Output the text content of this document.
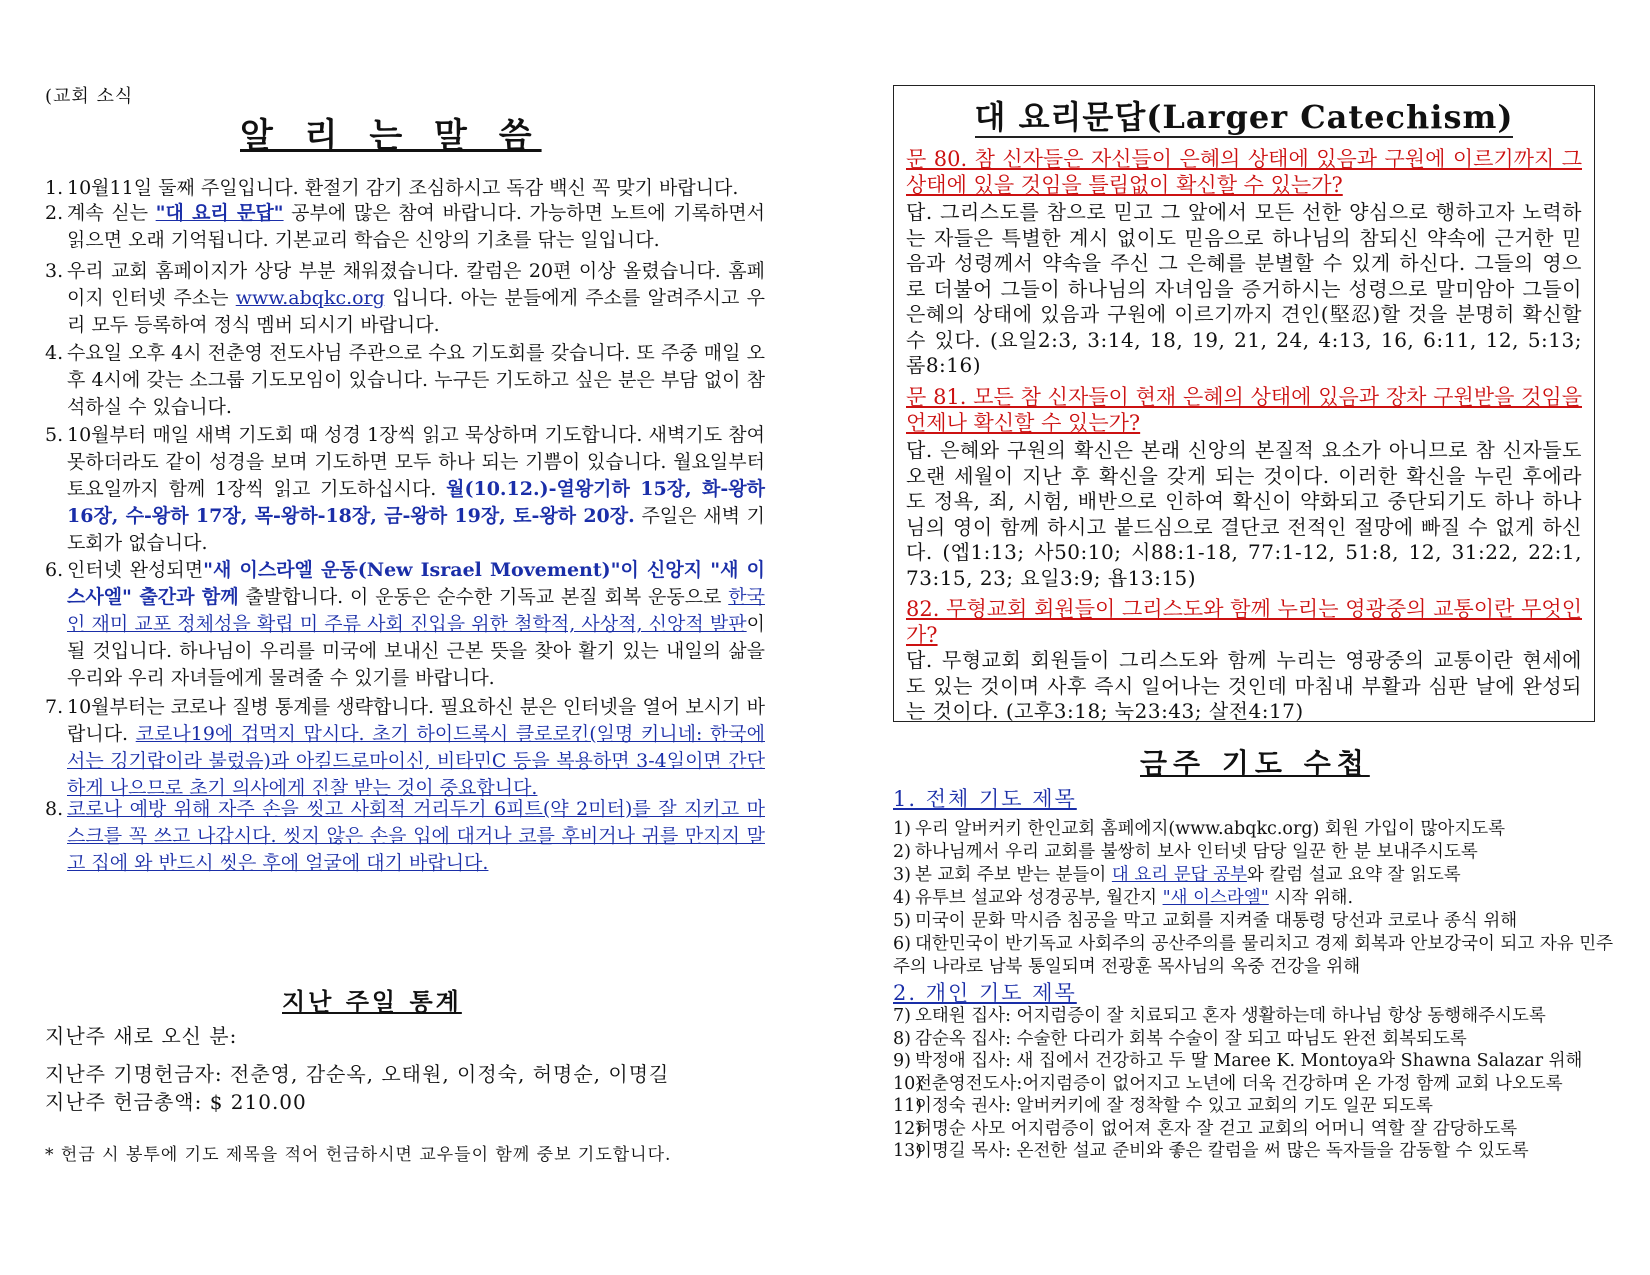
(교회 소식
알 리 는 말 씀
1. 10월11일 둘째 주일입니다. 환절기 감기 조심하시고 독감 백신 꼭 맞기 바랍니다.
2. 계속 싣는 "대 요리 문답" 공부에 많은 참여 바랍니다. 가능하면 노트에 기록하면서 읽으면 오래 기억됩니다. 기본교리 학습은 신앙의 기초를 닦는 일입니다.
3. 우리 교회 홈페이지가 상당 부분 채워졌습니다. 칼럼은 20편 이상 올렸습니다. 홈페이지 인터넷 주소는 www.abqkc.org 입니다. 아는 분들에게 주소를 알려주시고 우리 모두 등록하여 정식 멤버 되시기 바랍니다.
4. 수요일 오후 4시 전춘영 전도사님 주관으로 수요 기도회를 갖습니다. 또 주중 매일 오후 4시에 갖는 소그룹 기도모임이 있습니다. 누구든 기도하고 싶은 분은 부담 없이 참석하실 수 있습니다.
5. 10월부터 매일 새벽 기도회 때 성경 1장씩 읽고 묵상하며 기도합니다. 새벽기도 참여 못하더라도 같이 성경을 보며 기도하면 모두 하나 되는 기쁨이 있습니다. 월요일부터 토요일까지 함께 1장씩 읽고 기도하십시다. 월(10.12.)-열왕기하 15장, 화-왕하 16장, 수-왕하 17장, 목-왕하-18장, 금-왕하 19장, 토-왕하 20장. 주일은 새벽 기도회가 없습니다.
6. 인터넷 완성되면"새 이스라엘 운동(New Israel Movement)"이 신앙지 "새 이스사엘" 출간과 함께 출발합니다. 이 운동은 순수한 기독교 본질 회복 운동으로 한국인 재미 교포 정체성을 확립 미 주류 사회 진입을 위한 철학적, 사상적, 신앙적 발판이 될 것입니다. 하나님이 우리를 미국에 보내신 근본 뜻을 찾아 활기 있는 내일의 삶을 우리와 우리 자녀들에게 물려줄 수 있기를 바랍니다.
7. 10월부터는 코로나 질병 통계를 생략합니다. 필요하신 분은 인터넷을 열어 보시기 바랍니다. 코로나19에 겁먹지 맙시다. 초기 하이드록시 클로로킨(일명 키니네: 한국에서는 깅기랍이라 불렀음)과 아킬드로마이신, 비타민C 등을 복용하면 3-4일이면 간단하게 나으므로 초기 의사에게 진찰 받는 것이 중요합니다.
8. 코로나 예방 위해 자주 손을 씻고 사회적 거리두기 6피트(약 2미터)를 잘 지키고 마스크를 꼭 쓰고 나갑시다. 씻지 않은 손을 입에 대거나 코를 후비거나 귀를 만지지 말고 집에 와 반드시 씻은 후에 얼굴에 대기 바랍니다.
지난 주일 통계
지난주 새로 오신 분:
지난주 기명헌금자: 전춘영, 감순옥, 오태원, 이정숙, 허명순, 이명길
지난주 헌금총액: $ 210.00
* 헌금 시 봉투에 기도 제목을 적어 헌금하시면 교우들이 함께 중보 기도합니다.
대 요리문답(Larger Catechism)
문 80. 참 신자들은 자신들이 은혜의 상태에 있음과 구원에 이르기까지 그 상태에 있을 것임을 틀림없이 확신할 수 있는가?
답. 그리스도를 참으로 믿고 그 앞에서 모든 선한 양심으로 행하고자 노력하는 자들은 특별한 계시 없이도 믿음으로 하나님의 참되신 약속에 근거한 믿음과 성령께서 약속을 주신 그 은혜를 분별할 수 있게 하신다. 그들의 영으로 더불어 그들이 하나님의 자녀임을 증거하시는 성령으로 말미암아 그들이 은혜의 상태에 있음과 구원에 이르기까지 견인(堅忍)할 것을 분명히 확신할 수 있다. (요일2:3, 3:14, 18, 19, 21, 24, 4:13, 16, 6:11, 12, 5:13; 롬8:16)
문 81. 모든 참 신자들이 현재 은혜의 상태에 있음과 장차 구원받을 것임을 언제나 확신할 수 있는가?
답. 은혜와 구원의 확신은 본래 신앙의 본질적 요소가 아니므로 참 신자들도 오랜 세월이 지난 후 확신을 갖게 되는 것이다. 이러한 확신을 누린 후에라도 정욕, 죄, 시험, 배반으로 인하여 확신이 약화되고 중단되기도 하나 하나님의 영이 함께 하시고 붙드심으로 결단코 전적인 절망에 빠질 수 없게 하신다. (엡1:13; 사50:10; 시88:1-18, 77:1-12, 51:8, 12, 31:22, 22:1, 73:15, 23; 요일3:9; 욥13:15)
82. 무형교회 회원들이 그리스도와 함께 누리는 영광중의 교통이란 무엇인가?
답. 무형교회 회원들이 그리스도와 함께 누리는 영광중의 교통이란 현세에도 있는 것이며 사후 즉시 일어나는 것인데 마침내 부활과 심판 날에 완성되는 것이다. (고후3:18; 눅23:43; 살전4:17)
금주 기도 수첩
1. 전체 기도 제목
1) 우리 알버커키 한인교회 홈페에지(www.abqkc.org) 회원 가입이 많아지도록
2) 하나님께서 우리 교회를 불쌍히 보사 인터넷 담당 일꾼 한 분 보내주시도록
3) 본 교회 주보 받는 분들이 대 요리 문답 공부와 칼럼 설교 요약 잘 읽도록
4) 유투브 설교와 성경공부, 월간지 "새 이스라엘" 시작 위해.
5) 미국이 문화 막시즘 침공을 막고 교회를 지켜줄 대통령 당선과 코로나 종식 위해
6) 대한민국이 반기독교 사회주의 공산주의를 물리치고 경제 회복과 안보강국이 되고 자유 민주주의 나라로 남북 통일되며 전광훈 목사님의 옥중 건강을 위해
2. 개인 기도 제목
7) 오태원 집사: 어지럼증이 잘 치료되고 혼자 생활하는데 하나님 항상 동행해주시도록
8) 감순옥 집사: 수술한 다리가 회복 수술이 잘 되고 따님도 완전 회복되도록
9) 박정애 집사: 새 집에서 건강하고 두 딸 Maree K. Montoya와 Shawna Salazar 위해
10)전춘영전도사:어지럼증이 없어지고 노년에 더욱 건강하며 온 가정 함께 교회 나오도록
11)이정숙 권사: 알버커키에 잘 정착할 수 있고 교회의 기도 일꾼 되도록
12)허명순 사모 어지럼증이 없어져 혼자 잘 걷고 교회의 어머니 역할 잘 감당하도록
13)이명길 목사: 온전한 설교 준비와 좋은 칼럼을 써 많은 독자들을 감동할 수 있도록
